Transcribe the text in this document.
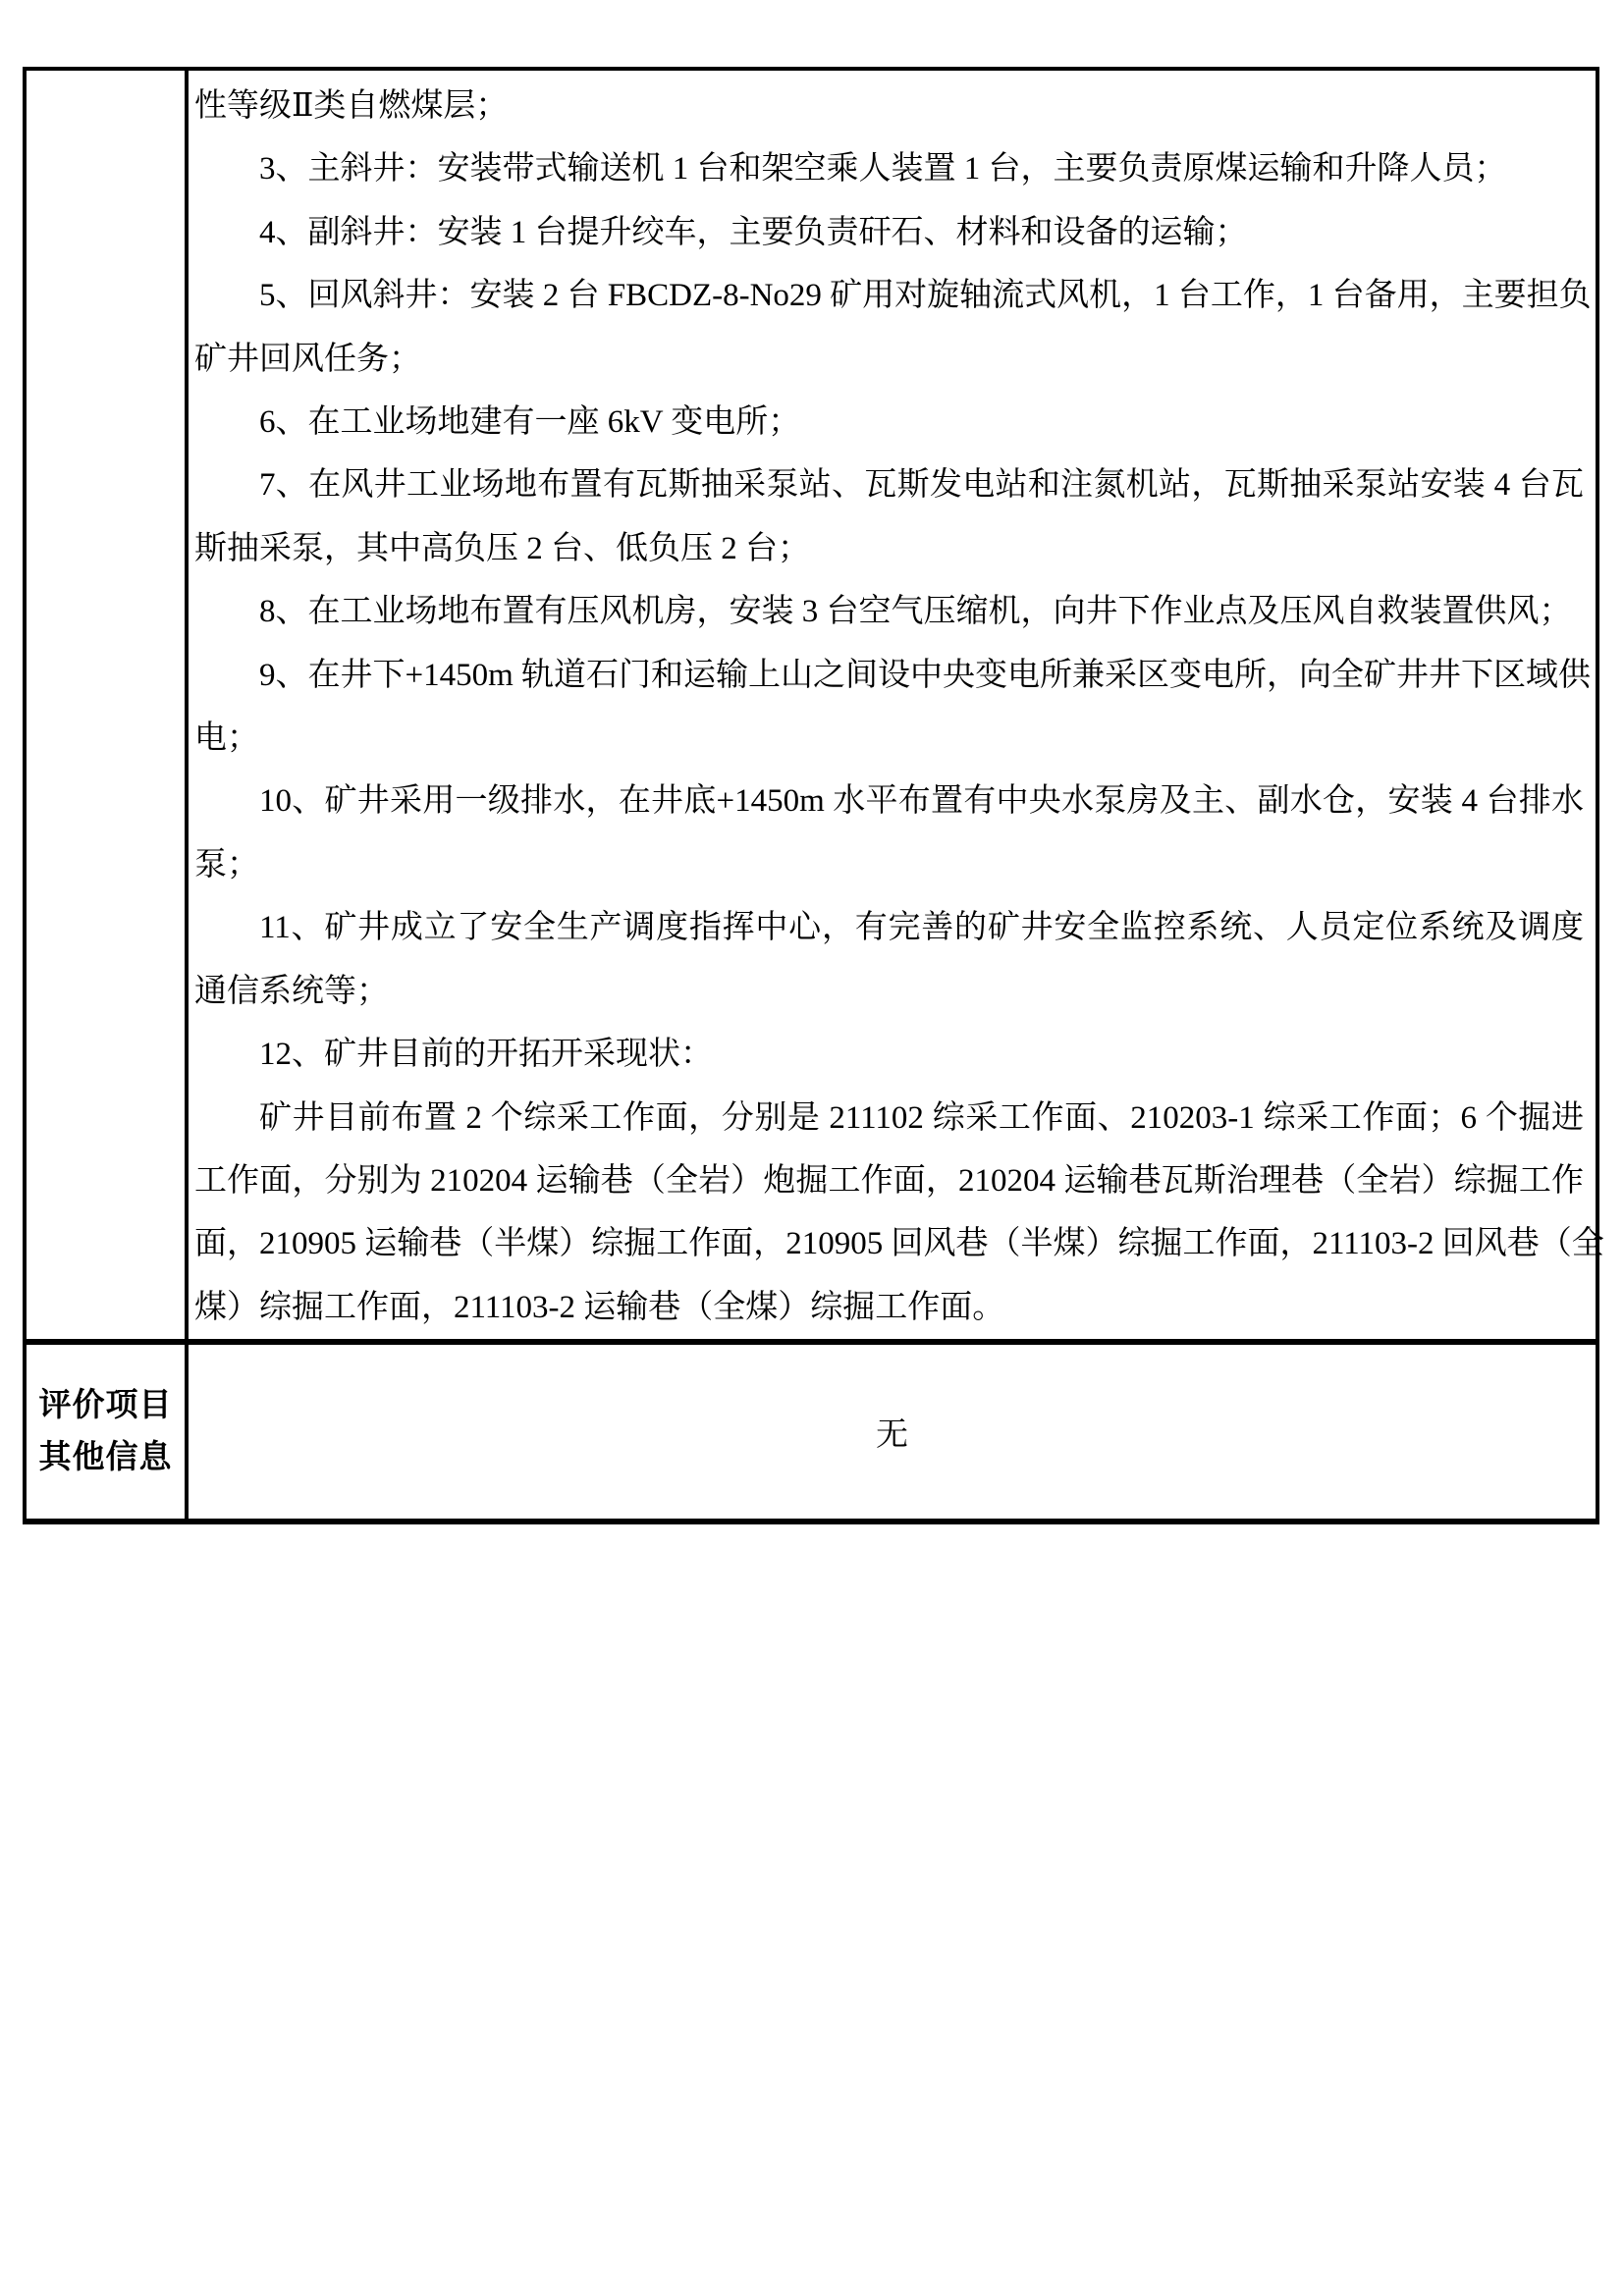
性等级Ⅱ类自燃煤层；
3、主斜井：安装带式输送机 1 台和架空乘人装置 1 台，主要负责原煤运输和升降人员；
4、副斜井：安装 1 台提升绞车，主要负责矸石、材料和设备的运输；
5、回风斜井：安装 2 台 FBCDZ-8-No29 矿用对旋轴流式风机，1 台工作，1 台备用，主要担负
矿井回风任务；
6、在工业场地建有一座 6kV 变电所；
7、在风井工业场地布置有瓦斯抽采泵站、瓦斯发电站和注氮机站，瓦斯抽采泵站安装 4 台瓦
斯抽采泵，其中高负压 2 台、低负压 2 台；
8、在工业场地布置有压风机房，安装 3 台空气压缩机，向井下作业点及压风自救装置供风；
9、在井下+1450m 轨道石门和运输上山之间设中央变电所兼采区变电所，向全矿井井下区域供
电；
10、矿井采用一级排水，在井底+1450m 水平布置有中央水泵房及主、副水仓，安装 4 台排水
泵；
11、矿井成立了安全生产调度指挥中心，有完善的矿井安全监控系统、人员定位系统及调度
通信系统等；
12、矿井目前的开拓开采现状：
矿井目前布置 2 个综采工作面，分别是 211102 综采工作面、210203-1 综采工作面；6 个掘进
工作面，分别为 210204 运输巷（全岩）炮掘工作面，210204 运输巷瓦斯治理巷（全岩）综掘工作
面，210905 运输巷（半煤）综掘工作面，210905 回风巷（半煤）综掘工作面，211103-2 回风巷（全
煤）综掘工作面，211103-2 运输巷（全煤）综掘工作面。
评价项目
其他信息
无
